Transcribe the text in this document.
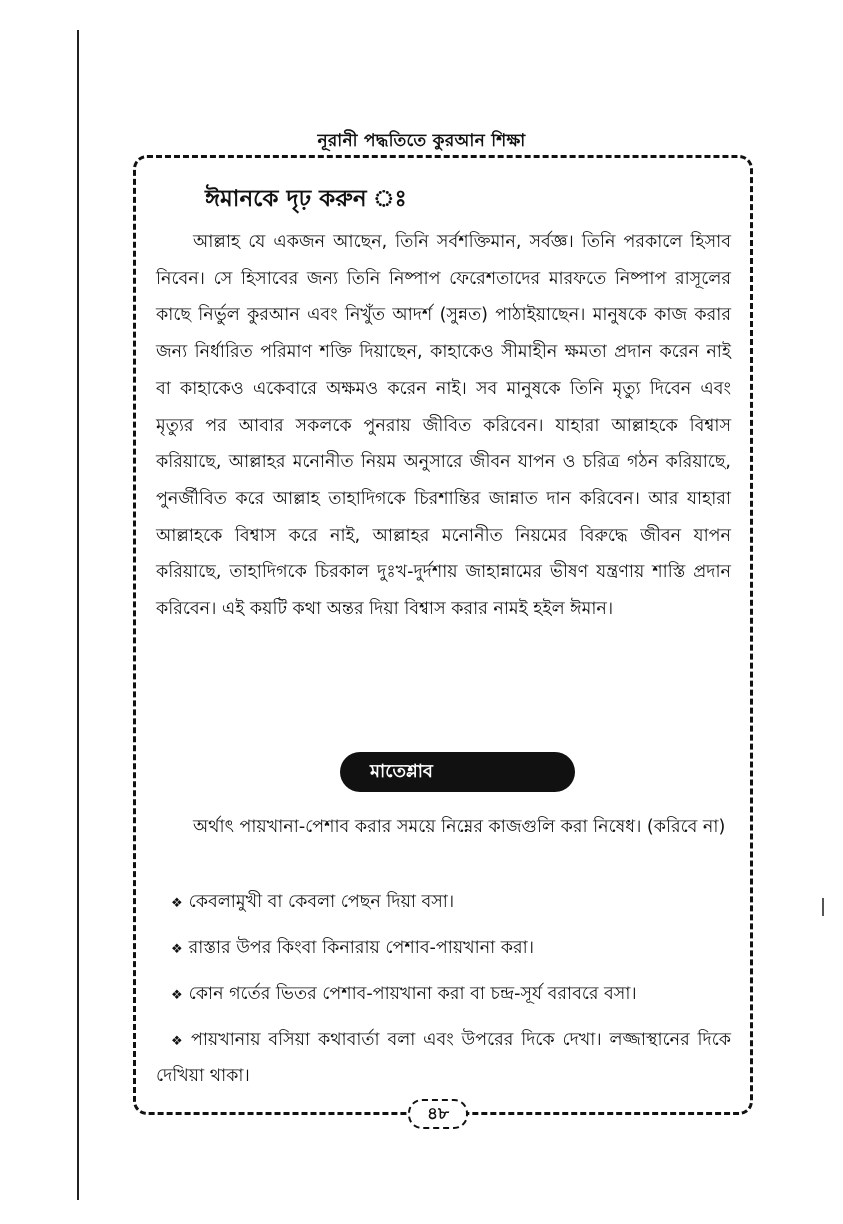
নূরানী পদ্ধতিতে কুরআন শিক্ষা
ঈমানকে দৃঢ় করুন ঃ

আল্লাহ যে একজন আছেন, তিনি সর্বশক্তিমান, সর্বজ্ঞ। তিনি পরকালে হিসাব নিবেন। সে হিসাবের জন্য তিনি নিষ্পাপ ফেরেশতাদের মারফতে নিষ্পাপ রাসূলের কাছে নির্ভুল কুরআন এবং নিখুঁত আদর্শ (সুন্নত) পাঠাইয়াছেন। মানুষকে কাজ করার জন্য নির্ধারিত পরিমাণ শক্তি দিয়াছেন, কাহাকেও সীমাহীন ক্ষমতা প্রদান করেন নাই বা কাহাকেও একেবারে অক্ষমও করেন নাই। সব মানুষকে তিনি মৃত্যু দিবেন এবং মৃত্যুর পর আবার সকলকে পুনরায় জীবিত করিবেন। যাহারা আল্লাহকে বিশ্বাস করিয়াছে, আল্লাহর মনোনীত নিয়ম অনুসারে জীবন যাপন ও চরিত্র গঠন করিয়াছে, পুনর্জীবিত করে আল্লাহ তাহাদিগকে চিরশান্তির জান্নাত দান করিবেন। আর যাহারা আল্লাহকে বিশ্বাস করে নাই, আল্লাহর মনোনীত নিয়মের বিরুদ্ধে জীবন যাপন করিয়াছে, তাহাদিগকে চিরকাল দুঃখ-দুর্দশায় জাহান্নামের ভীষণ যন্ত্রণায় শাস্তি প্রদান করিবেন। এই কয়টি কথা অন্তর দিয়া বিশ্বাস করার নামই হইল ঈমান।

মাতেশ্লাব

অর্থাৎ পায়খানা-পেশাব করার সময়ে নিম্নের কাজগুলি করা নিষেধ। (করিবে না)

❖ কেবলামুখী বা কেবলা পেছন দিয়া বসা।
❖ রাস্তার উপর কিংবা কিনারায় পেশাব-পায়খানা করা।
❖ কোন গর্তের ভিতর পেশাব-পায়খানা করা বা চন্দ্র-সূর্য বরাবরে বসা।
❖ পায়খানায় বসিয়া কথাবার্তা বলা এবং উপরের দিকে দেখা। লজ্জাস্থানের দিকে দেখিয়া থাকা।
৪৮
